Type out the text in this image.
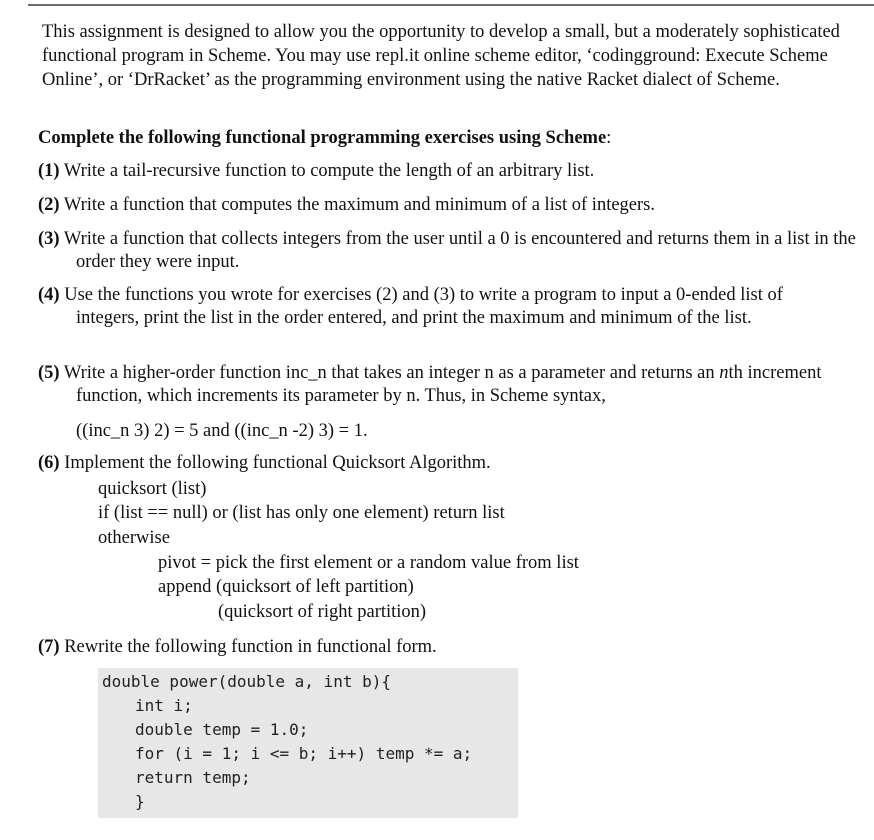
This assignment is designed to allow you the opportunity to develop a small, but a moderately sophisticated functional program in Scheme. You may use repl.it online scheme editor, ‘codingground: Execute Scheme Online’, or ‘DrRacket’ as the programming environment using the native Racket dialect of Scheme.

Complete the following functional programming exercises using Scheme:

(1) Write a tail-recursive function to compute the length of an arbitrary list.

(2) Write a function that computes the maximum and minimum of a list of integers.

(3) Write a function that collects integers from the user until a 0 is encountered and returns them in a list in the order they were input.

(4) Use the functions you wrote for exercises (2) and (3) to write a program to input a 0-ended list of integers, print the list in the order entered, and print the maximum and minimum of the list.

(5) Write a higher-order function inc_n that takes an integer n as a parameter and returns an nth increment function, which increments its parameter by n. Thus, in Scheme syntax,

((inc_n 3) 2) = 5 and ((inc_n -2) 3) = 1.

(6) Implement the following functional Quicksort Algorithm.

quicksort (list)

if (list == null) or (list has only one element) return list

otherwise

pivot = pick the first element or a random value from list

append (quicksort of left partition)

(quicksort of right partition)

(7) Rewrite the following function in functional form.

double power(double a, int b){

int i;

double temp = 1.0;

for (i = 1; i <= b; i++) temp *= a;

return temp;

}
